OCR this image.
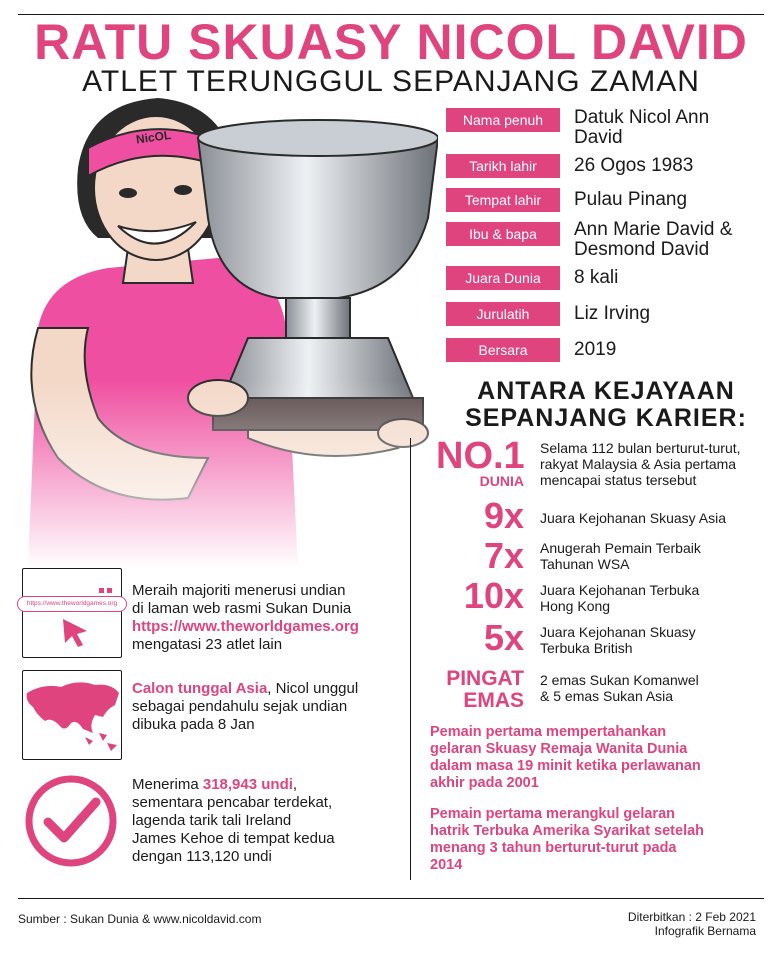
RATU SKUASY NICOL DAVID
ATLET TERUNGGUL SEPANJANG ZAMAN
Nama penuh	Datuk Nicol Ann
David
Tarikh lahir	26 Ogos 1983
Tempat lahir	Pulau Pinang
Ibu & bapa	Ann Marie David &
Desmond David
Juara Dunia	8 kali
Jurulatih	Liz Irving
Bersara	2019
ANTARA KEJAYAAN
SEPANJANG KARIER:
NO.1
DUNIA
Selama 112 bulan berturut-turut,
rakyat Malaysia & Asia pertama
mencapai status tersebut
9x Juara Kejohanan Skuasy Asia
7x Anugerah Pemain Terbaik
Tahunan WSA
10x Juara Kejohanan Terbuka
Hong Kong
5x Juara Kejohanan Skuasy
Terbuka British
PINGAT
EMAS
2 emas Sukan Komanwel
& 5 emas Sukan Asia
Pemain pertama mempertahankan
gelaran Skuasy Remaja Wanita Dunia
dalam masa 19 minit ketika perlawanan
akhir pada 2001
Pemain pertama merangkul gelaran
hatrik Terbuka Amerika Syarikat setelah
menang 3 tahun berturut-turut pada
2014
https://www.theworldgames.org
Meraih majoriti menerusi undian
di laman web rasmi Sukan Dunia
https://www.theworldgames.org
mengatasi 23 atlet lain
Calon tunggal Asia, Nicol unggul
sebagai pendahulu sejak undian
dibuka pada 8 Jan
Menerima 318,943 undi,
sementara pencabar terdekat,
lagenda tarik tali Ireland
James Kehoe di tempat kedua
dengan 113,120 undi
Sumber : Sukan Dunia & www.nicoldavid.com	Diterbitkan : 2 Feb 2021
Infografik Bernama
